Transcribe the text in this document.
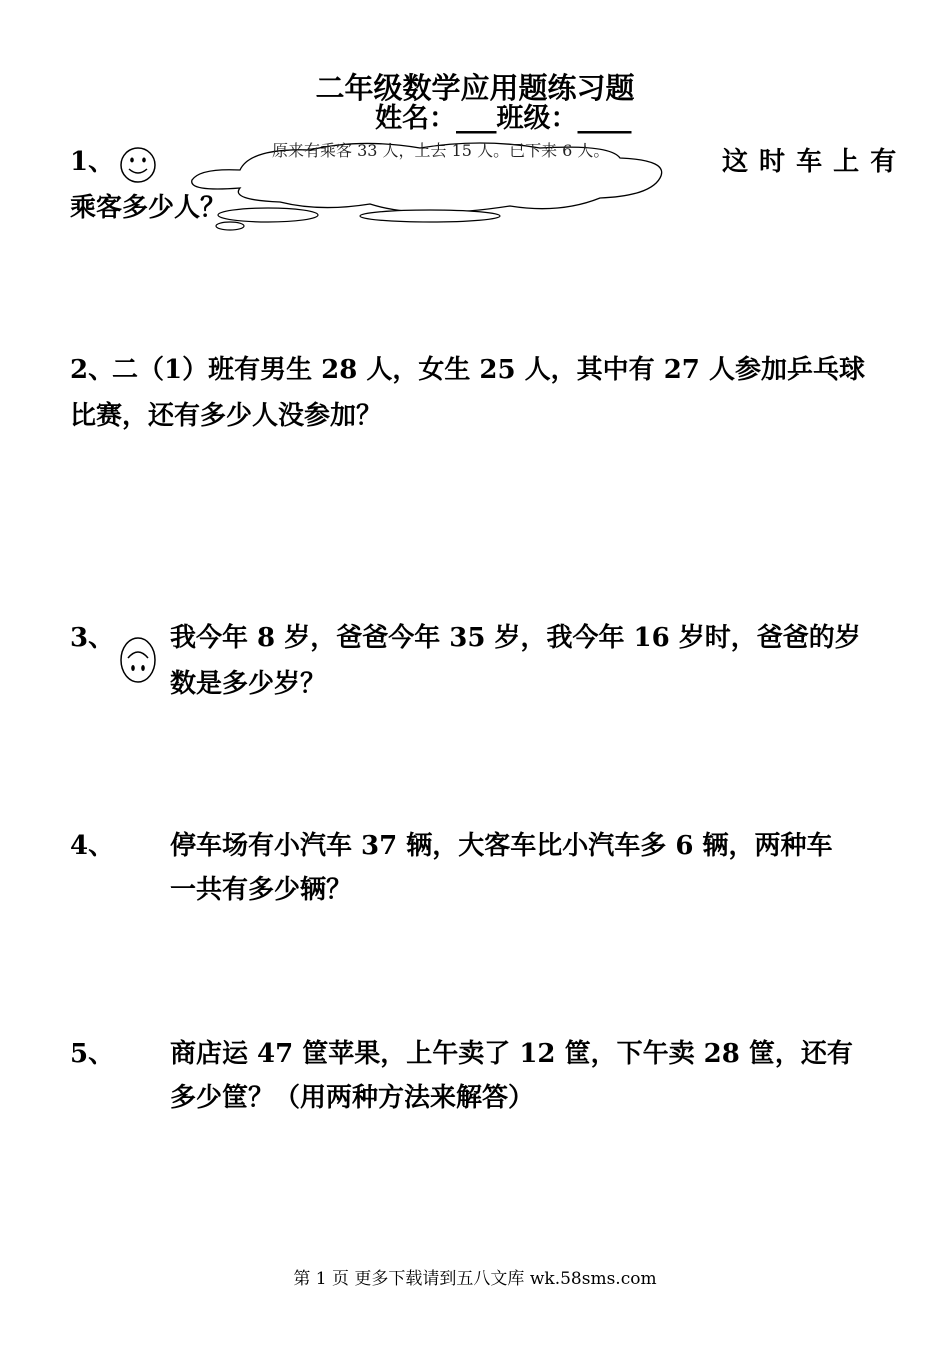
二年级数学应用题练习题
姓名：___班级：____
1、	原来有乘客 33 人，上去 15 人。已下来 6 人。	这 时 车 上 有
乘客多少人？
2、
二（1）班有男生 28 人，女生 25 人，其中有 27 人参加乒乓球
比赛，还有多少人没参加？
3、 我今年 8 岁，爸爸今年 35 岁，我今年 16 岁时，爸爸的岁
数是多少岁？
4、 停车场有小汽车 37 辆，大客车比小汽车多 6 辆，两种车
一共有多少辆？
5、 商店运 47 筐苹果，上午卖了 12 筐，下午卖 28 筐，还有
多少筐？（用两种方法来解答）
第 1 页 更多下载请到五八文库 wk.58sms.com
